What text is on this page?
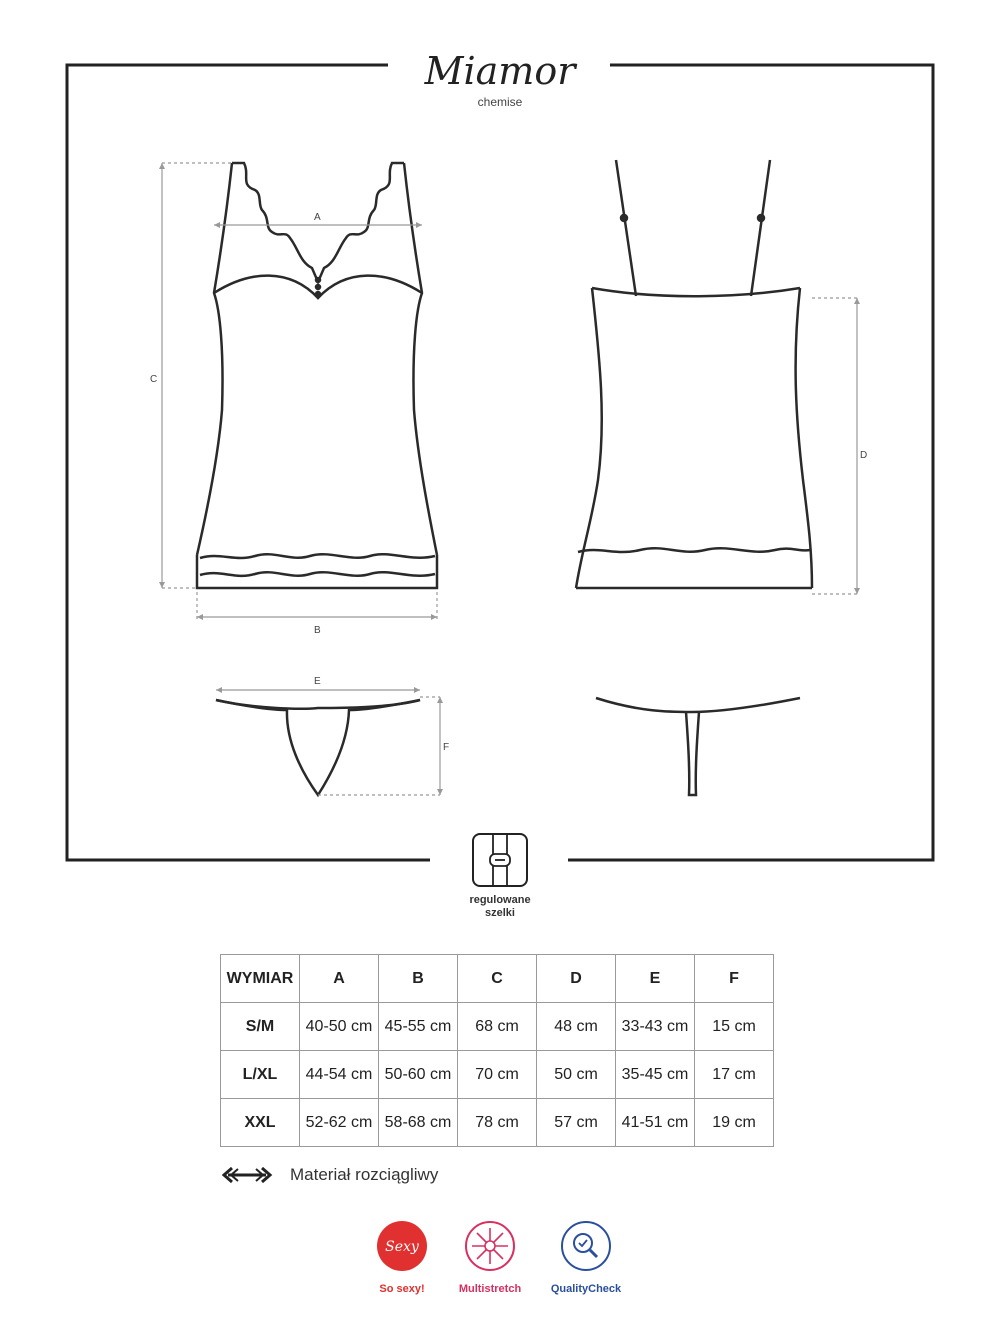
Miamor
A
B
C
D
E
F
chemise
regulowane
szelki
WYMIAR	A	B	C	D	E	F
S/M	40-50 cm	45-55 cm	68 cm	48 cm	33-43 cm	15 cm
L/XL	44-54 cm	50-60 cm	70 cm	50 cm	35-45 cm	17 cm
XXL	52-62 cm	58-68 cm	78 cm	57 cm	41-51 cm	19 cm
Materiał rozciągliwy
Sexy
So sexy!	Multistretch	QualityCheck
